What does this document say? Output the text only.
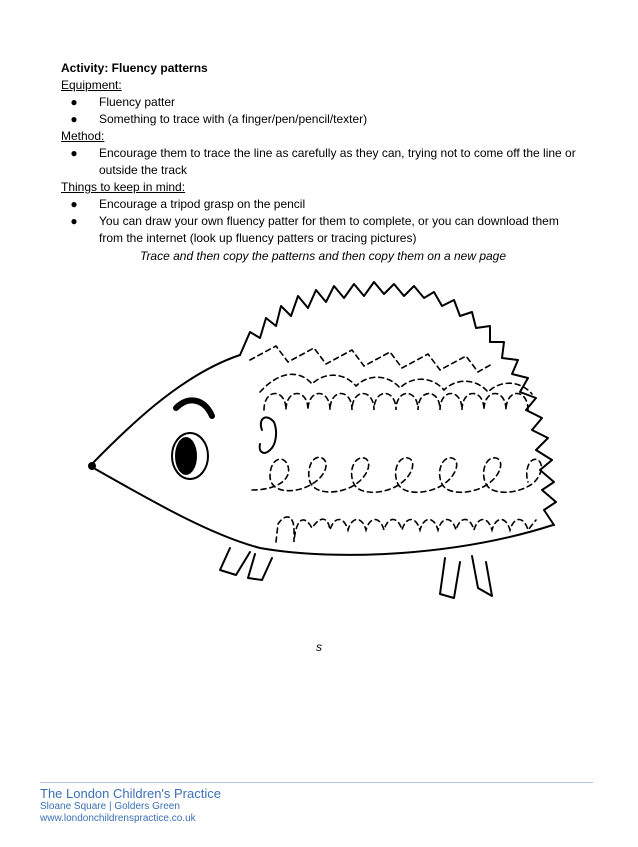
Activity: Fluency patterns
Equipment:
● Fluency patter
● Something to trace with (a finger/pen/pencil/texter)
Method:
● Encourage them to trace the line as carefully as they can, trying not to come off the line or outside the track
Things to keep in mind:
● Encourage a tripod grasp on the pencil
● You can draw your own fluency patter for them to complete, or you can download them from the internet (look up fluency patters or tracing pictures)
Trace and then copy the patterns and then copy them on a new page
s
The London Children's Practice
Sloane Square | Golders Green
www.londonchildrenspractice.co.uk
